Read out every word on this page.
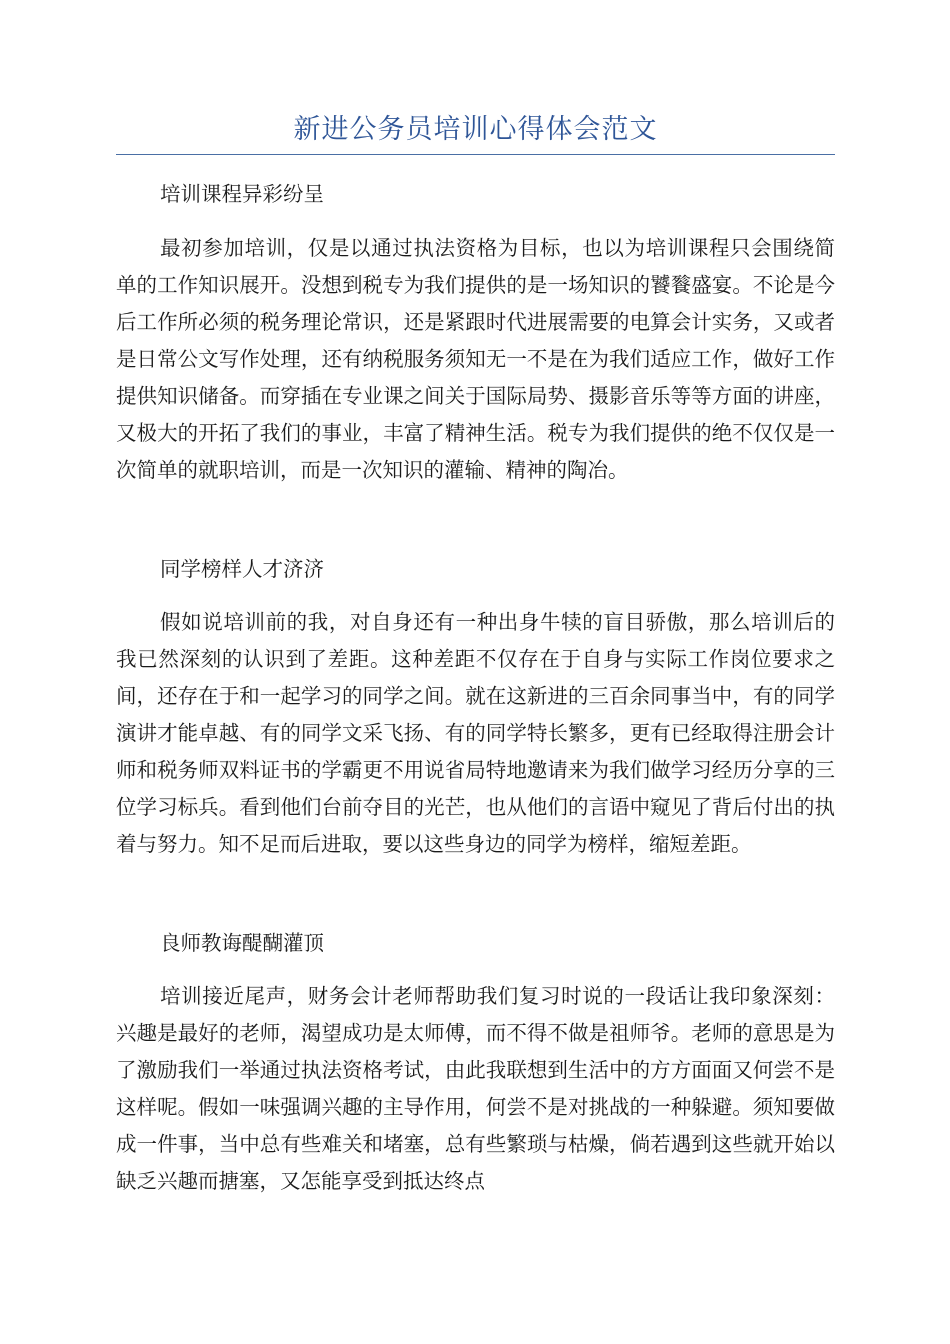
新进公务员培训心得体会范文
培训课程异彩纷呈
最初参加培训，仅是以通过执法资格为目标，也以为培训课程只会围绕简单的工作知识展开。没想到税专为我们提供的是一场知识的饕餮盛宴。不论是今后工作所必须的税务理论常识，还是紧跟时代进展需要的电算会计实务，又或者是日常公文写作处理，还有纳税服务须知无一不是在为我们适应工作，做好工作提供知识储备。而穿插在专业课之间关于国际局势、摄影音乐等等方面的讲座，又极大的开拓了我们的事业，丰富了精神生活。税专为我们提供的绝不仅仅是一次简单的就职培训，而是一次知识的灌输、精神的陶冶。
同学榜样人才济济
假如说培训前的我，对自身还有一种出身牛犊的盲目骄傲，那么培训后的我已然深刻的认识到了差距。这种差距不仅存在于自身与实际工作岗位要求之间，还存在于和一起学习的同学之间。就在这新进的三百余同事当中，有的同学演讲才能卓越、有的同学文采飞扬、有的同学特长繁多，更有已经取得注册会计师和税务师双料证书的学霸更不用说省局特地邀请来为我们做学习经历分享的三位学习标兵。看到他们台前夺目的光芒，也从他们的言语中窥见了背后付出的执着与努力。知不足而后进取，要以这些身边的同学为榜样，缩短差距。
良师教诲醍醐灌顶
培训接近尾声，财务会计老师帮助我们复习时说的一段话让我印象深刻：兴趣是最好的老师，渴望成功是太师傅，而不得不做是祖师爷。老师的意思是为了激励我们一举通过执法资格考试，由此我联想到生活中的方方面面又何尝不是这样呢。假如一味强调兴趣的主导作用，何尝不是对挑战的一种躲避。须知要做成一件事，当中总有些难关和堵塞，总有些繁琐与枯燥，倘若遇到这些就开始以缺乏兴趣而搪塞，又怎能享受到抵达终点
